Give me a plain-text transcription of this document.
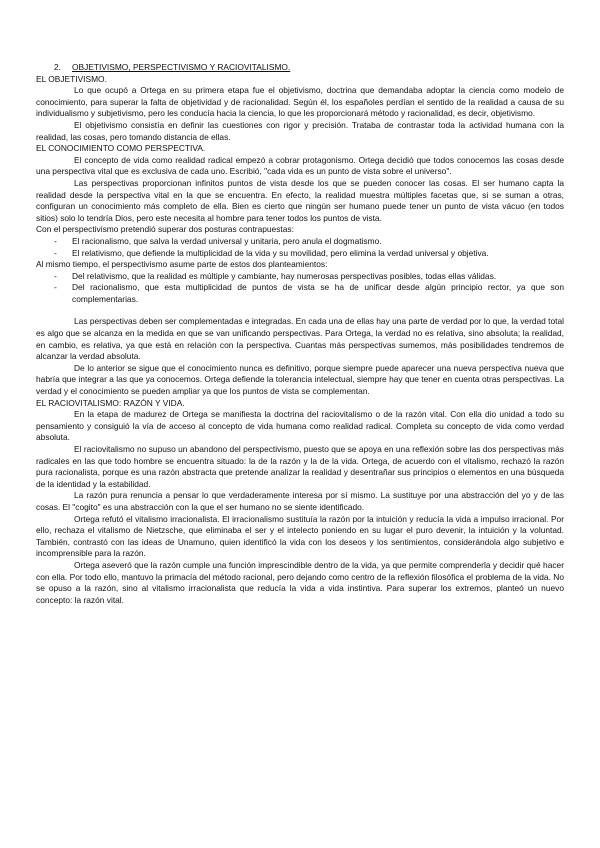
2. OBJETIVISMO, PERSPECTIVISMO Y RACIOVITALISMO.

EL OBJETIVISMO.

Lo que ocupó a Ortega en su primera etapa fue el objetivismo, doctrina que demandaba adoptar la ciencia como modelo de conocimiento, para superar la falta de objetividad y de racionalidad. Según él, los españoles perdían el sentido de la realidad a causa de su individualismo y subjetivismo, pero les conducía hacia la ciencia, lo que les proporcionará método y racionalidad, es decir, objetivismo.

El objetivismo consistía en definir las cuestiones con rigor y precisión. Trataba de contrastar toda la actividad humana con la realidad, las cosas, pero tomando distancia de ellas.

EL CONOCIMIENTO COMO PERSPECTIVA.

El concepto de vida como realidad radical empezó a cobrar protagonismo. Ortega decidió que todos conocemos las cosas desde una perspectiva vital que es exclusiva de cada uno. Escribió, "cada vida es un punto de vista sobre el universo".

Las perspectivas proporcionan infinitos puntos de vista desde los que se pueden conocer las cosas. El ser humano capta la realidad desde la perspectiva vital en la que se encuentra. En efecto, la realidad muestra múltiples facetas que, si se suman a otras, configuran un conocimiento más completo de ella. Bien es cierto que ningún ser humano puede tener un punto de vista vácuo (en todos sitios) solo lo tendría Dios, pero este necesita al hombre para tener todos los puntos de vista.

Con el perspectivismo pretendió superar dos posturas contrapuestas:

- El racionalismo, que salva la verdad universal y unitaria, pero anula el dogmatismo.
- El relativismo, que defiende la multiplicidad de la vida y su movilidad, pero elimina la verdad universal y objetiva.

Al mismo tiempo, el perspectivismo asume parte de estos dos planteamientos:

- Del relativismo, que la realidad es múltiple y cambiante, hay numerosas perspectivas posibles, todas ellas válidas.
- Del racionalismo, que esta multiplicidad de puntos de vista se ha de unificar desde algún principio rector, ya que son complementarias.

Las perspectivas deben ser complementadas e integradas. En cada una de ellas hay una parte de verdad por lo que, la verdad total es algo que se alcanza en la medida en que se van unificando perspectivas. Para Ortega, la verdad no es relativa, sino absoluta; la realidad, en cambio, es relativa, ya que está en relación con la perspectiva. Cuantas más perspectivas sumemos, más posibilidades tendremos de alcanzar la verdad absoluta.

De lo anterior se sigue que el conocimiento nunca es definitivo, porque siempre puede aparecer una nueva perspectiva nueva que habría que integrar a las que ya conocemos. Ortega defiende la tolerancia intelectual, siempre hay que tener en cuenta otras perspectivas. La verdad y el conocimiento se pueden ampliar ya que los puntos de vista se complementan.

EL RACIOVITALISMO: RAZÓN Y VIDA.

En la etapa de madurez de Ortega se manifiesta la doctrina del raciovitalismo o de la razón vital. Con ella dio unidad a todo su pensamiento y consiguió la vía de acceso al concepto de vida humana como realidad radical. Completa su concepto de vida como verdad absoluta.

El raciovitalismo no supuso un abandono del perspectivismo, puesto que se apoya en una reflexión sobre las dos perspectivas más radicales en las que todo hombre se encuentra situado: la de la razón y la de la vida. Ortega, de acuerdo con el vitalismo, rechazó la razón pura racionalista, porque es una razón abstracta que pretende analizar la realidad y desentrañar sus principios o elementos en una búsqueda de la identidad y la estabilidad.

La razón pura renuncia a pensar lo que verdaderamente interesa por sí mismo. La sustituye por una abstracción del yo y de las cosas. El "cogito" es una abstracción con la que el ser humano no se siente identificado.

Ortega refutó el vitalismo irracionalista. El irracionalismo sustituía la razón por la intuición y reducía la vida a impulso irracional. Por ello, rechaza el vitalismo de Nietzsche, que eliminaba el ser y el intelecto poniendo en su lugar el puro devenir, la intuición y la voluntad. También, contrastó con las ideas de Unamuno, quien identificó la vida con los deseos y los sentimientos, considerándola algo subjetivo e incomprensible para la razón.

Ortega aseveró que la razón cumple una función imprescindible dentro de la vida, ya que permite comprenderla y decidir qué hacer con ella. Por todo ello, mantuvo la primacía del método racional, pero dejando como centro de la reflexión filosófica el problema de la vida. No se opuso a la razón, sino al vitalismo irracionalista que reducía la vida a vida instintiva. Para superar los extremos, planteó un nuevo concepto: la razón vital.
